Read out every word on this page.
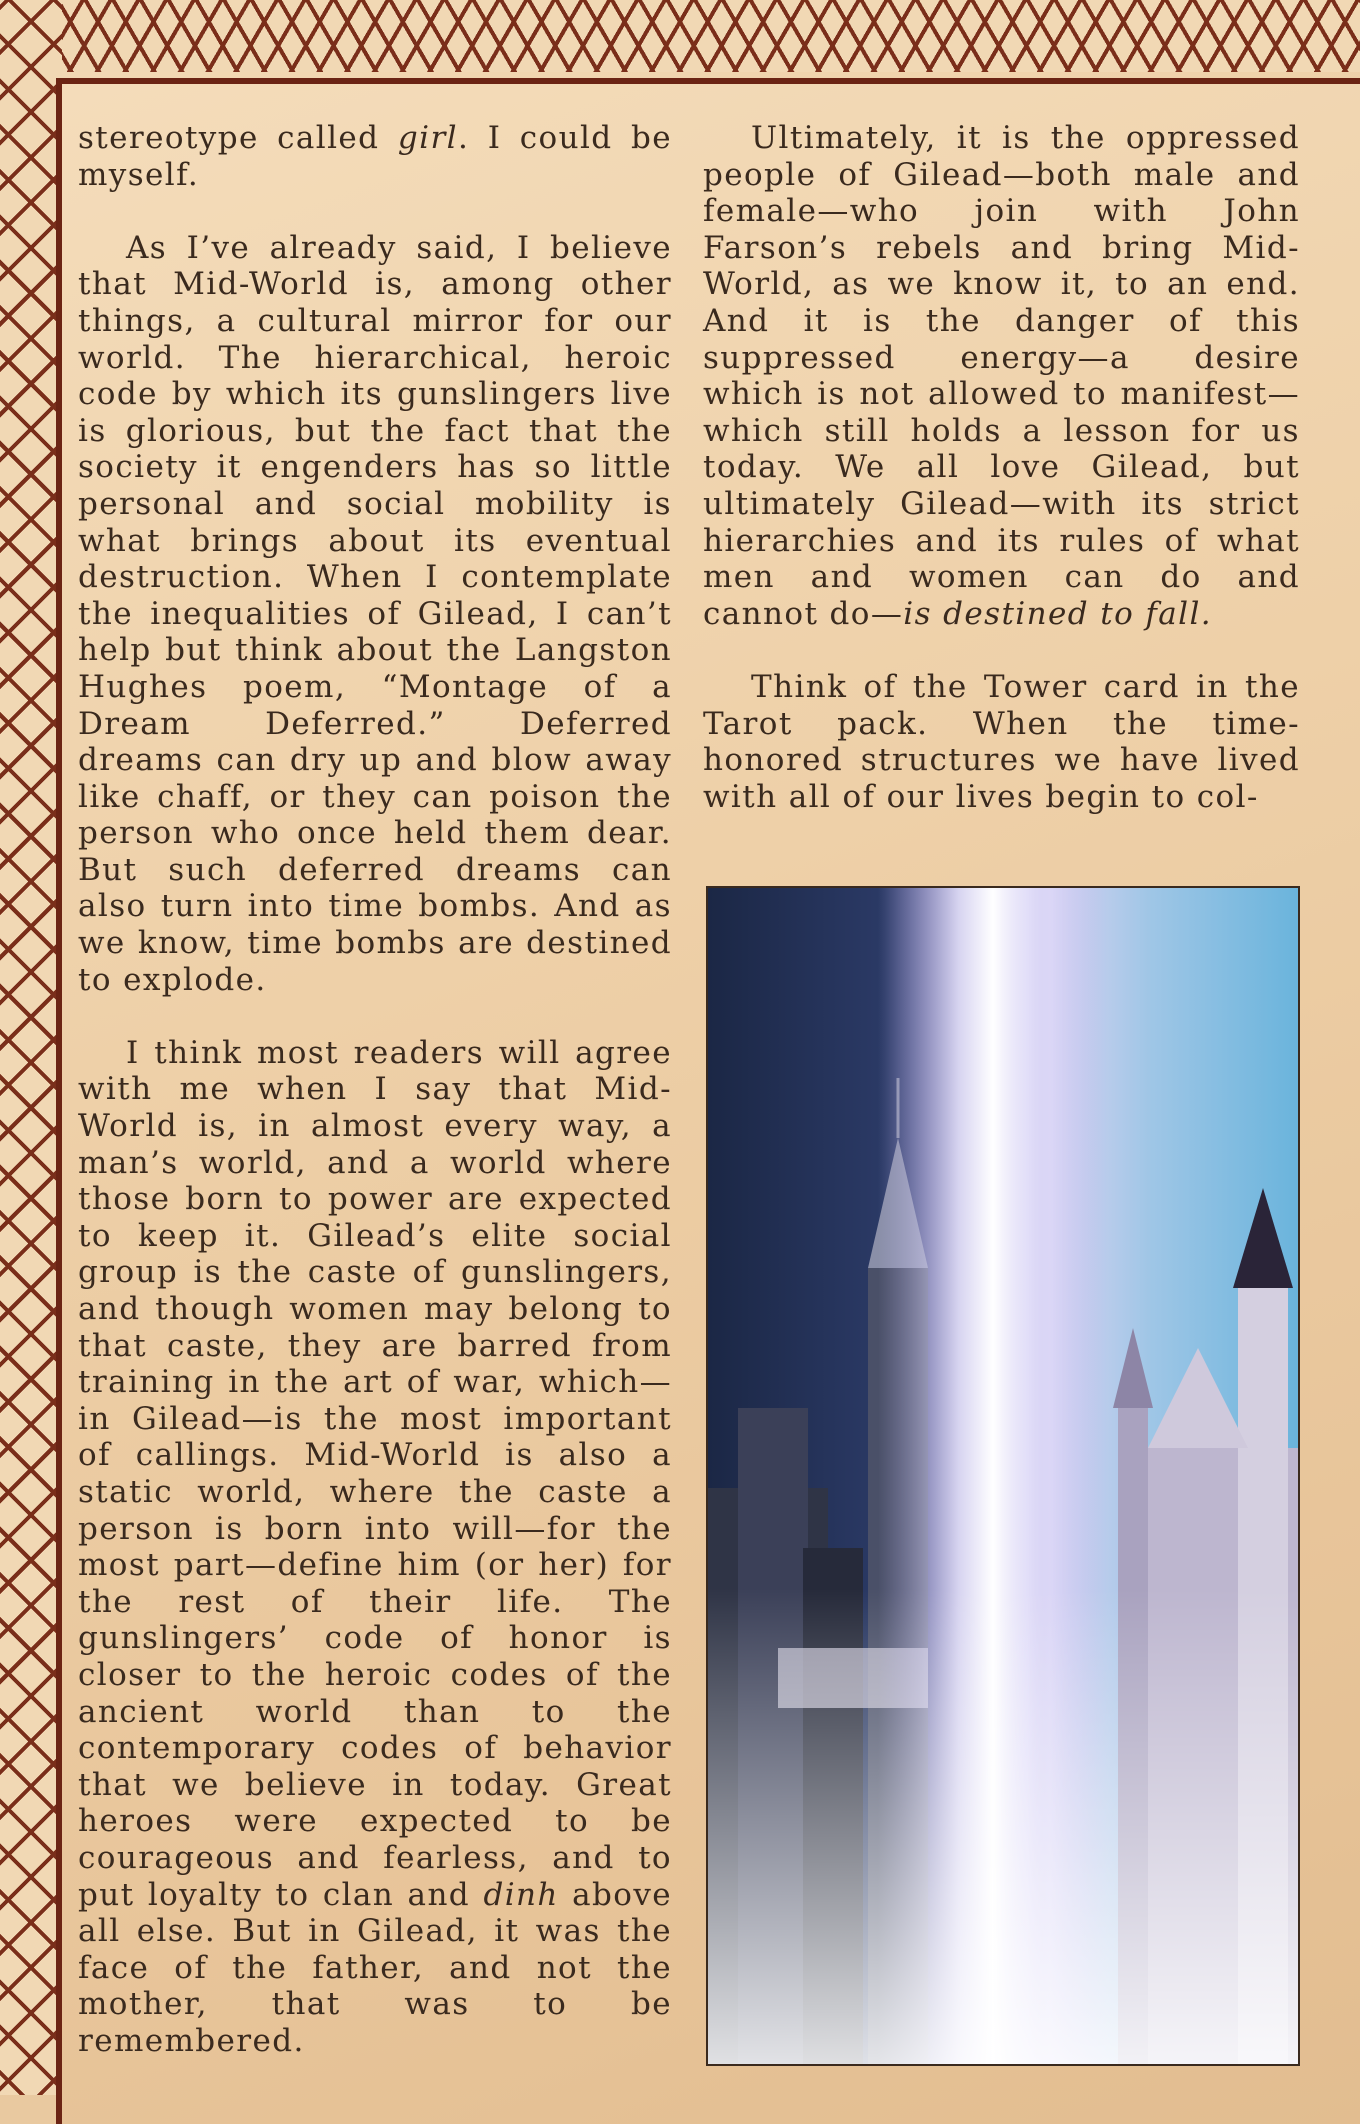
stereotype called girl. I could be myself.

As I’ve already said, I believe that Mid-World is, among other things, a cultural mirror for our world. The hierarchical, heroic code by which its gunslingers live is glorious, but the fact that the society it engenders has so little personal and social mobility is what brings about its eventual destruction. When I contemplate the inequalities of Gilead, I can’t help but think about the Langston Hughes poem, “Montage of a Dream Deferred.” Deferred dreams can dry up and blow away like chaff, or they can poison the person who once held them dear. But such deferred dreams can also turn into time bombs. And as we know, time bombs are destined to explode.

I think most readers will agree with me when I say that Mid-World is, in almost every way, a man’s world, and a world where those born to power are expected to keep it. Gilead’s elite social group is the caste of gunslingers, and though women may belong to that caste, they are barred from training in the art of war, which—in Gilead—is the most important of callings. Mid-World is also a static world, where the caste a person is born into will—for the most part—define him (or her) for the rest of their life. The gunslingers’ code of honor is closer to the heroic codes of the ancient world than to the contemporary codes of behavior that we believe in today. Great heroes were expected to be courageous and fearless, and to put loyalty to clan and dinh above all else. But in Gilead, it was the face of the father, and not the mother, that was to be remembered.

Ultimately, it is the oppressed people of Gilead—both male and female—who join with John Farson’s rebels and bring Mid-World, as we know it, to an end. And it is the danger of this suppressed energy—a desire which is not allowed to manifest—which still holds a lesson for us today. We all love Gilead, but ultimately Gilead—with its strict hierarchies and its rules of what men and women can do and cannot do—is destined to fall.

Think of the Tower card in the Tarot pack. When the time-honored structures we have lived with all of our lives begin to col-
